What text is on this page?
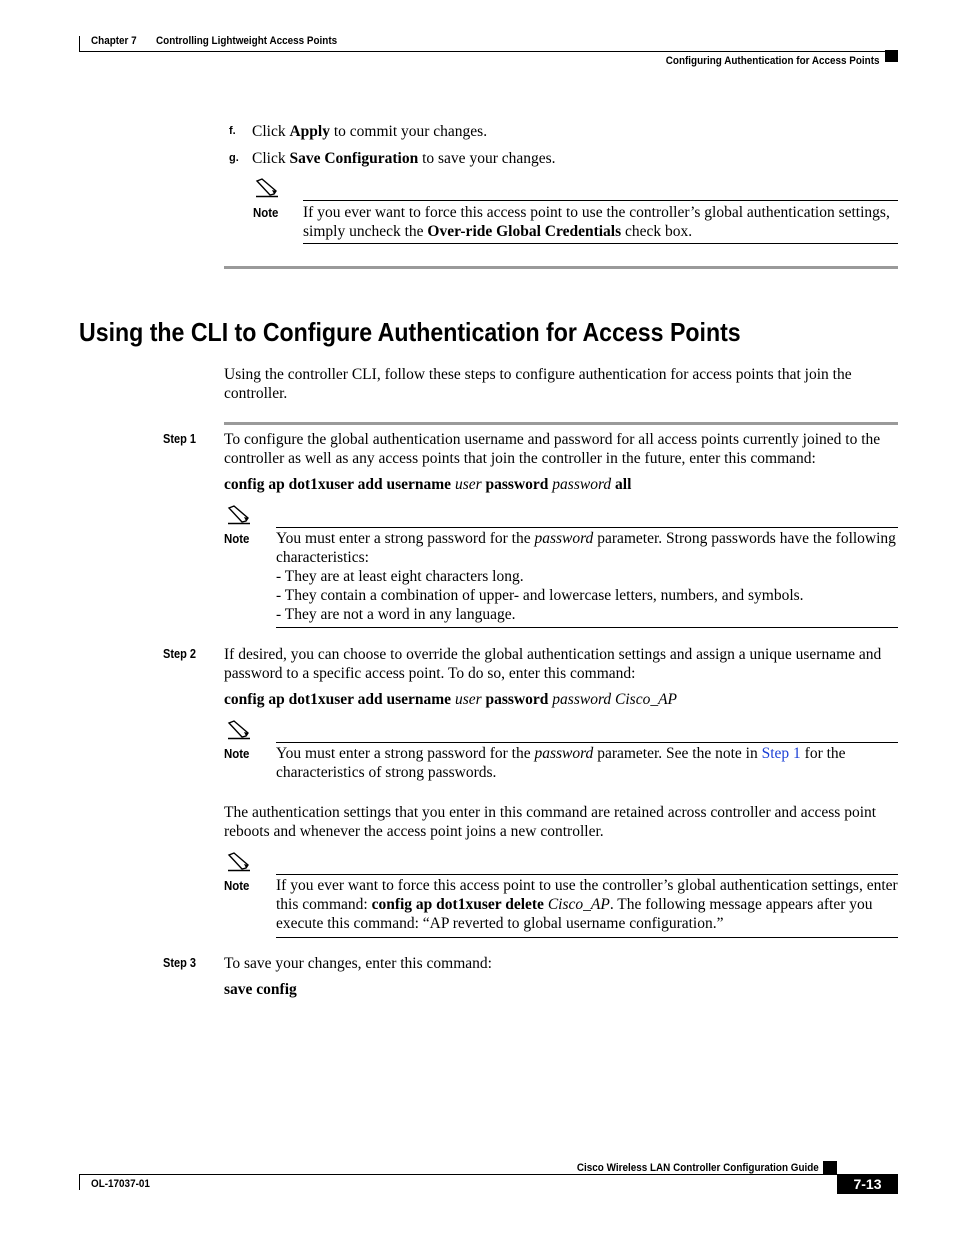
Chapter 7 Controlling Lightweight Access Points
Configuring Authentication for Access Points
f. Click Apply to commit your changes.
g. Click Save Configuration to save your changes.
Note If you ever want to force this access point to use the controller’s global authentication settings, simply uncheck the Over-ride Global Credentials check box.
Using the CLI to Configure Authentication for Access Points
Using the controller CLI, follow these steps to configure authentication for access points that join the controller.
Step 1 To configure the global authentication username and password for all access points currently joined to the controller as well as any access points that join the controller in the future, enter this command:
config ap dot1xuser add username user password password all
Note You must enter a strong password for the password parameter. Strong passwords have the following characteristics:
- They are at least eight characters long.
- They contain a combination of upper- and lowercase letters, numbers, and symbols.
- They are not a word in any language.
Step 2 If desired, you can choose to override the global authentication settings and assign a unique username and password to a specific access point. To do so, enter this command:
config ap dot1xuser add username user password password Cisco_AP
Note You must enter a strong password for the password parameter. See the note in Step 1 for the characteristics of strong passwords.
The authentication settings that you enter in this command are retained across controller and access point reboots and whenever the access point joins a new controller.
Note If you ever want to force this access point to use the controller’s global authentication settings, enter this command: config ap dot1xuser delete Cisco_AP. The following message appears after you execute this command: “AP reverted to global username configuration.”
Step 3 To save your changes, enter this command:
save config
Cisco Wireless LAN Controller Configuration Guide
OL-17037-01	7-13
